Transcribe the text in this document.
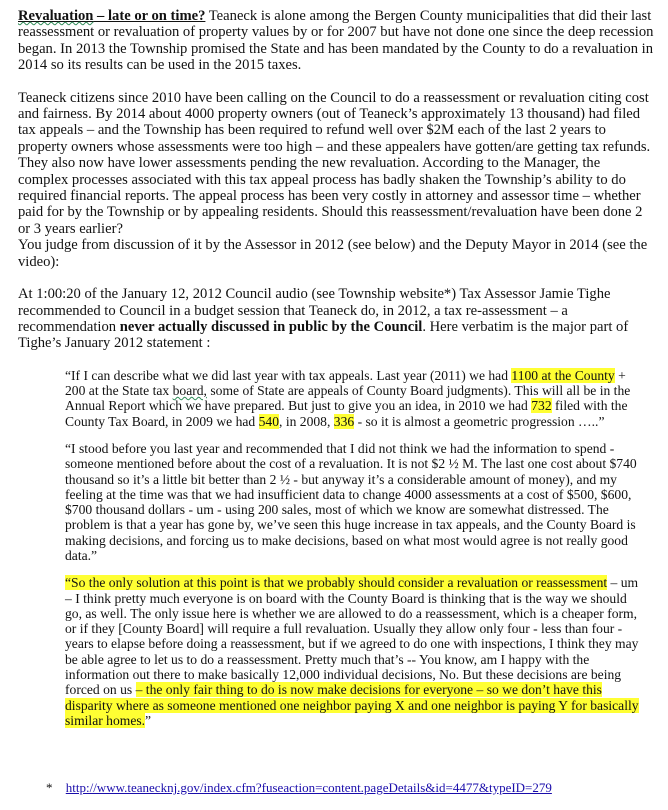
Revaluation – late or on time? Teaneck is alone among the Bergen County municipalities that did their last reassessment or revaluation of property values by or for 2007 but have not done one since the deep recession began. In 2013 the Township promised the State and has been mandated by the County to do a revaluation in 2014 so its results can be used in the 2015 taxes.

Teaneck citizens since 2010 have been calling on the Council to do a reassessment or revaluation citing cost and fairness. By 2014 about 4000 property owners (out of Teaneck’s approximately 13 thousand) had filed tax appeals – and the Township has been required to refund well over $2M each of the last 2 years to property owners whose assessments were too high – and these appealers have gotten/are getting tax refunds. They also now have lower assessments pending the new revaluation. According to the Manager, the complex processes associated with this tax appeal process has badly shaken the Township’s ability to do required financial reports. The appeal process has been very costly in attorney and assessor time – whether paid for by the Township or by appealing residents. Should this reassessment/revaluation have been done 2 or 3 years earlier?

You judge from discussion of it by the Assessor in 2012 (see below) and the Deputy Mayor in 2014 (see the video):

At 1:00:20 of the January 12, 2012 Council audio (see Township website*) Tax Assessor Jamie Tighe recommended to Council in a budget session that Teaneck do, in 2012, a tax re-assessment – a recommendation never actually discussed in public by the Council. Here verbatim is the major part of Tighe’s January 2012 statement :

“If I can describe what we did last year with tax appeals. Last year (2011) we had 1100 at the County + 200 at the State tax board, some of State are appeals of County Board judgments). This will all be in the Annual Report which we have prepared. But just to give you an idea, in 2010 we had 732 filed with the County Tax Board, in 2009 we had 540, in 2008, 336 - so it is almost a geometric progression …..”

“I stood before you last year and recommended that I did not think we had the information to spend - someone mentioned before about the cost of a revaluation. It is not $2 ½ M. The last one cost about $740 thousand so it’s a little bit better than 2 ½ - but anyway it’s a considerable amount of money), and my feeling at the time was that we had insufficient data to change 4000 assessments at a cost of $500, $600, $700 thousand dollars - um - using 200 sales, most of which we know are somewhat distressed. The problem is that a year has gone by, we’ve seen this huge increase in tax appeals, and the County Board is making decisions, and forcing us to make decisions, based on what most would agree is not really good data.”

“So the only solution at this point is that we probably should consider a revaluation or reassessment – um – I think pretty much everyone is on board with the County Board is thinking that is the way we should go, as well. The only issue here is whether we are allowed to do a reassessment, which is a cheaper form, or if they [County Board] will require a full revaluation. Usually they allow only four - less than four - years to elapse before doing a reassessment, but if we agreed to do one with inspections, I think they may be able agree to let us to do a reassessment. Pretty much that’s -- You know, am I happy with the information out there to make basically 12,000 individual decisions, No. But these decisions are being forced on us – the only fair thing to do is now make decisions for everyone – so we don’t have this disparity where as someone mentioned one neighbor paying X and one neighbor is paying Y for basically similar homes.”

* http://www.teanecknj.gov/index.cfm?fuseaction=content.pageDetails&id=4477&typeID=279
